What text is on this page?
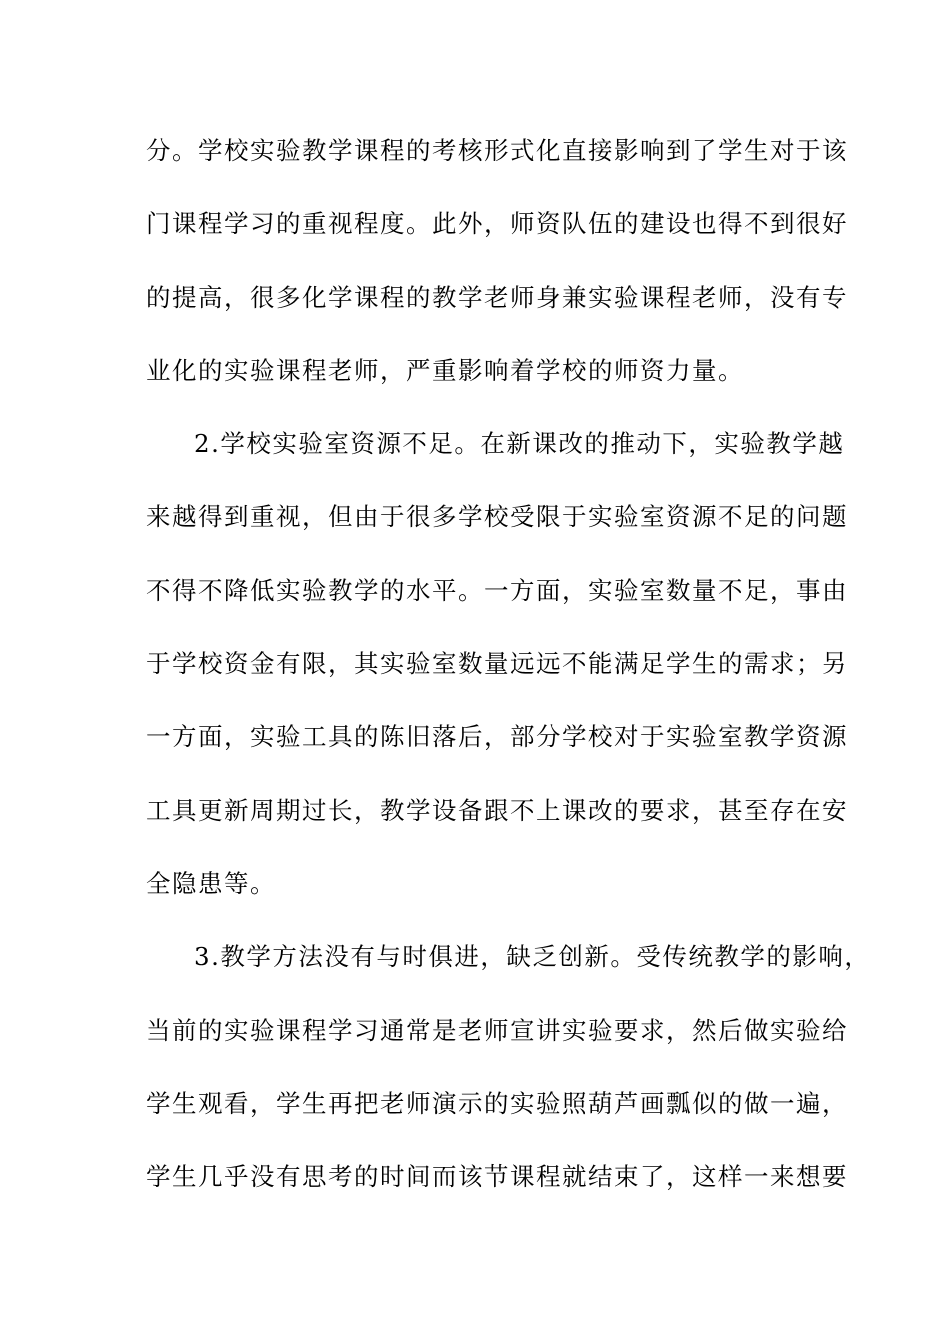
分。学校实验教学课程的考核形式化直接影响到了学生对于该
门课程学习的重视程度。此外，师资队伍的建设也得不到很好
的提高，很多化学课程的教学老师身兼实验课程老师，没有专
业化的实验课程老师，严重影响着学校的师资力量。
2.学校实验室资源不足。在新课改的推动下，实验教学越
来越得到重视，但由于很多学校受限于实验室资源不足的问题
不得不降低实验教学的水平。一方面，实验室数量不足，事由
于学校资金有限，其实验室数量远远不能满足学生的需求；另
一方面，实验工具的陈旧落后，部分学校对于实验室教学资源
工具更新周期过长，教学设备跟不上课改的要求，甚至存在安
全隐患等。
3.教学方法没有与时俱进，缺乏创新。受传统教学的影响，
当前的实验课程学习通常是老师宣讲实验要求，然后做实验给
学生观看，学生再把老师演示的实验照葫芦画瓢似的做一遍，
学生几乎没有思考的时间而该节课程就结束了，这样一来想要
